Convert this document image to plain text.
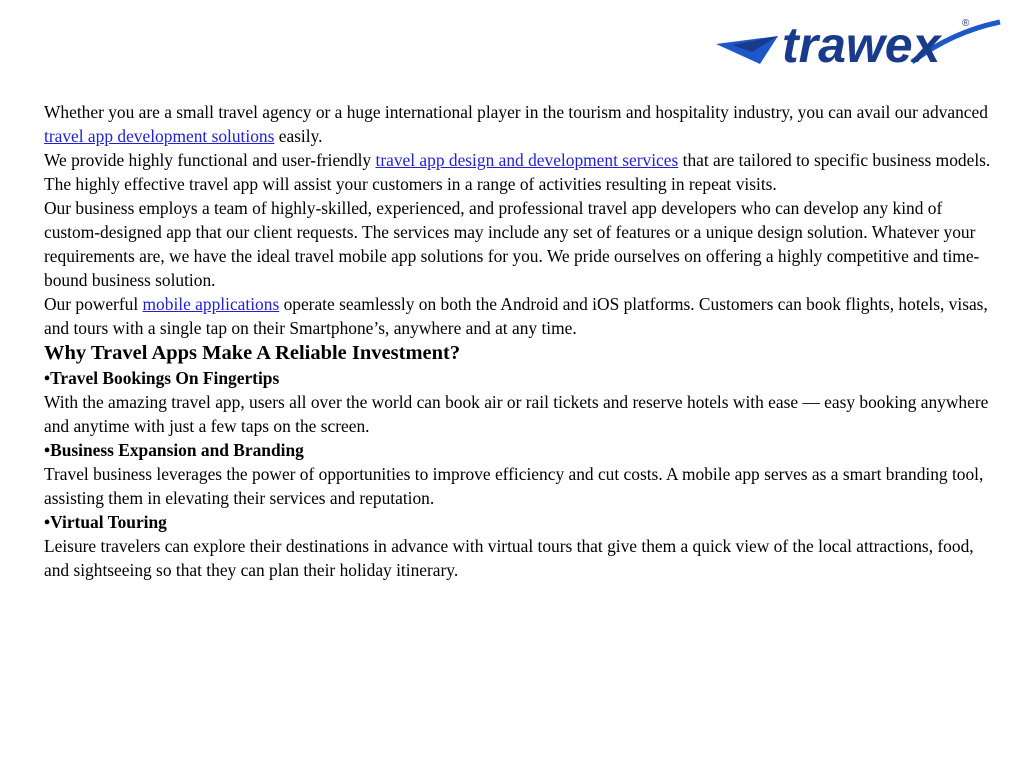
trawex ®

Whether you are a small travel agency or a huge international player in the tourism and hospitality industry, you can avail our advanced travel app development solutions easily.

We provide highly functional and user-friendly travel app design and development services that are tailored to specific business models. The highly effective travel app will assist your customers in a range of activities resulting in repeat visits.

Our business employs a team of highly-skilled, experienced, and professional travel app developers who can develop any kind of custom-designed app that our client requests. The services may include any set of features or a unique design solution. Whatever your requirements are, we have the ideal travel mobile app solutions for you. We pride ourselves on offering a highly competitive and time-bound business solution.

Our powerful mobile applications operate seamlessly on both the Android and iOS platforms. Customers can book flights, hotels, visas, and tours with a single tap on their Smartphone’s, anywhere and at any time.

Why Travel Apps Make A Reliable Investment?

•Travel Bookings On Fingertips

With the amazing travel app, users all over the world can book air or rail tickets and reserve hotels with ease — easy booking anywhere and anytime with just a few taps on the screen.

•Business Expansion and Branding

Travel business leverages the power of opportunities to improve efficiency and cut costs. A mobile app serves as a smart branding tool, assisting them in elevating their services and reputation.

•Virtual Touring

Leisure travelers can explore their destinations in advance with virtual tours that give them a quick view of the local attractions, food, and sightseeing so that they can plan their holiday itinerary.
